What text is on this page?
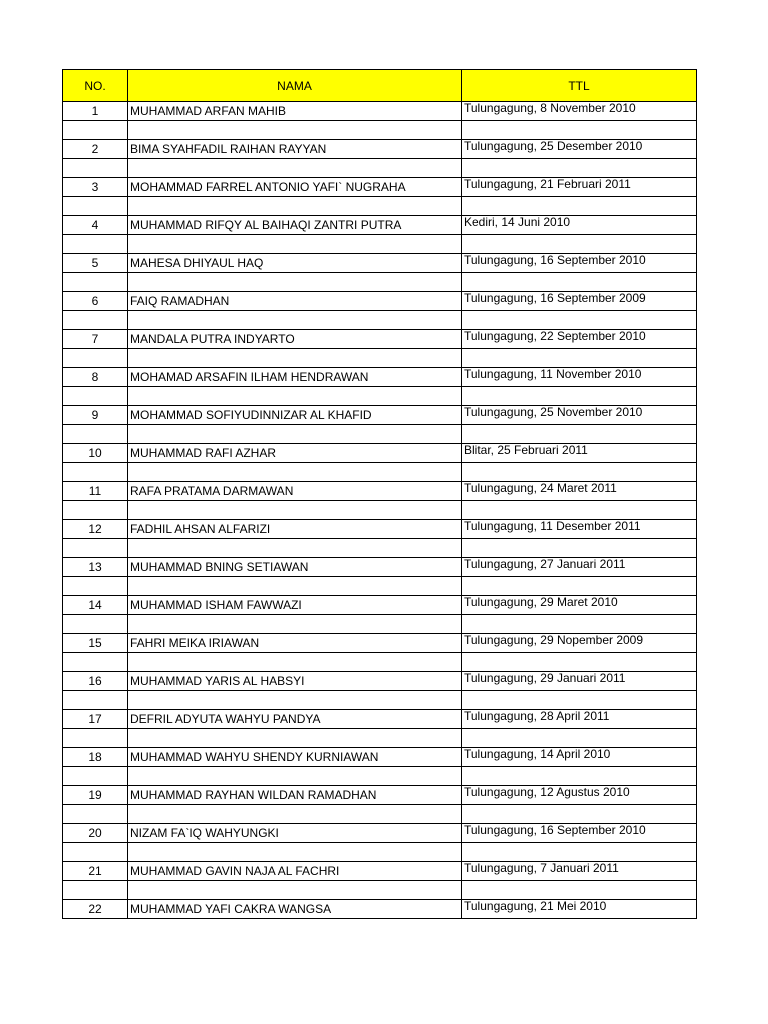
NO.	NAMA	TTL
1	MUHAMMAD ARFAN MAHIB	Tulungagung, 8 November 2010

2	BIMA SYAHFADIL RAIHAN RAYYAN	Tulungagung, 25 Desember 2010

3	MOHAMMAD FARREL ANTONIO YAFI` NUGRAHA	Tulungagung, 21 Februari 2011

4	MUHAMMAD RIFQY AL BAIHAQI ZANTRI PUTRA	Kediri, 14 Juni 2010

5	MAHESA DHIYAUL HAQ	Tulungagung, 16 September 2010

6	FAIQ RAMADHAN	Tulungagung, 16 September 2009

7	MANDALA PUTRA INDYARTO	Tulungagung, 22 September 2010

8	MOHAMAD ARSAFIN ILHAM HENDRAWAN	Tulungagung, 11 November 2010

9	MOHAMMAD SOFIYUDINNIZAR AL KHAFID	Tulungagung, 25 November 2010

10	MUHAMMAD RAFI AZHAR	Blitar, 25 Februari 2011

11	RAFA PRATAMA DARMAWAN	Tulungagung, 24 Maret 2011

12	FADHIL AHSAN ALFARIZI	Tulungagung, 11 Desember 2011

13	MUHAMMAD BNING SETIAWAN	Tulungagung, 27 Januari 2011

14	MUHAMMAD ISHAM FAWWAZI	Tulungagung, 29 Maret 2010

15	FAHRI MEIKA IRIAWAN	Tulungagung, 29 Nopember 2009

16	MUHAMMAD YARIS AL HABSYI	Tulungagung, 29 Januari 2011

17	DEFRIL ADYUTA WAHYU PANDYA	Tulungagung, 28 April 2011

18	MUHAMMAD WAHYU SHENDY KURNIAWAN	Tulungagung, 14 April 2010

19	MUHAMMAD RAYHAN WILDAN RAMADHAN	Tulungagung, 12 Agustus 2010

20	NIZAM FA`IQ WAHYUNGKI	Tulungagung, 16 September 2010

21	MUHAMMAD GAVIN NAJA AL FACHRI	Tulungagung, 7 Januari 2011

22	MUHAMMAD YAFI CAKRA WANGSA	Tulungagung, 21 Mei 2010
